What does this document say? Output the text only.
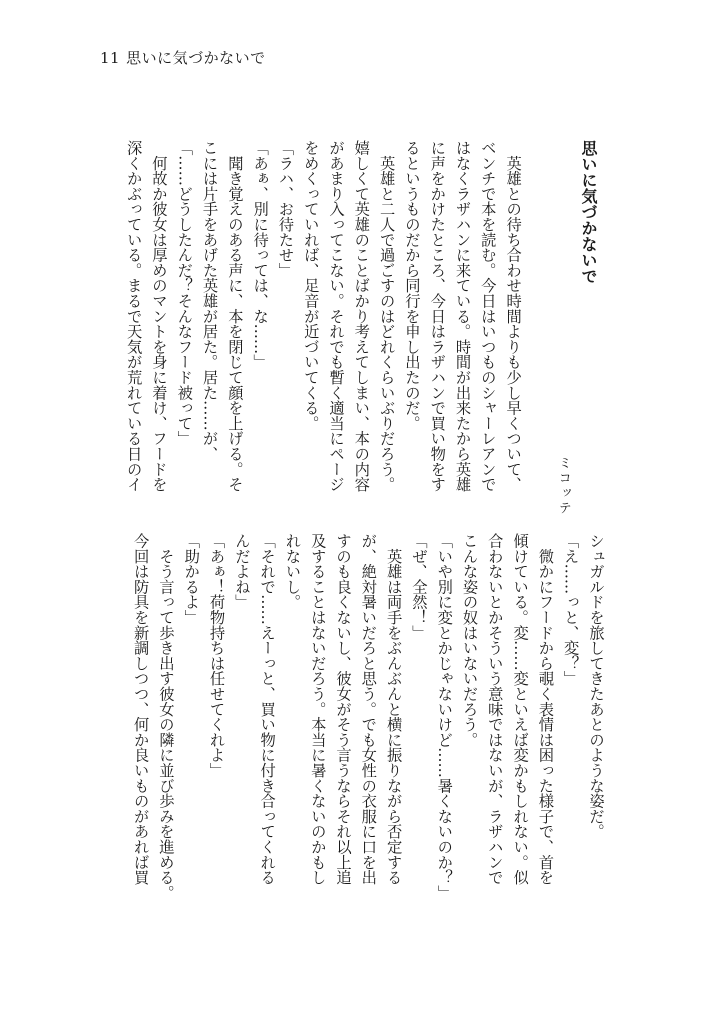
11 思いに気づかないで
思いに気づかないで
ミコッテ

　英雄との待ち合わせ時間よりも少し早くついて、
ベンチで本を読む。今日はいつものシャーレアンで
はなくラザハンに来ている。時間が出来たから英雄
に声をかけたところ、今日はラザハンで買い物をす
るというものだから同行を申し出たのだ。
　英雄と二人で過ごすのはどれくらいぶりだろう。
嬉しくて英雄のことばかり考えてしまい、本の内容
があまり入ってこない。それでも暫く適当にページ
をめくっていれば、足音が近づいてくる。
「ラハ、お待たせ」
「あぁ、別に待っては、な……」
　聞き覚えのある声に、本を閉じて顔を上げる。そ
こには片手をあげた英雄が居た。居た……が、
「……どうしたんだ？そんなフード被って」
　何故か彼女は厚めのマントを身に着け、フードを
深くかぶっている。まるで天気が荒れている日のイ
シュガルドを旅してきたあとのような姿だ。
「え……っと、変？」
　微かにフードから覗く表情は困った様子で、首を
傾けている。変……変といえば変かもしれない。似
合わないとかそういう意味ではないが、ラザハンで
こんな姿の奴はいないだろう。
「いや別に変とかじゃないけど……暑くないのか？」
「ぜ、全然！」
　英雄は両手をぶんぶんと横に振りながら否定する
が、絶対暑いだろと思う。でも女性の衣服に口を出
すのも良くないし、彼女がそう言うならそれ以上追
及することはないだろう。本当に暑くないのかもし
れないし。
「それで……えーっと、買い物に付き合ってくれる
んだよね」
「あぁ！荷物持ちは任せてくれよ」
「助かるよ」
　そう言って歩き出す彼女の隣に並び歩みを進める。
今回は防具を新調しつつ、何か良いものがあれば買
